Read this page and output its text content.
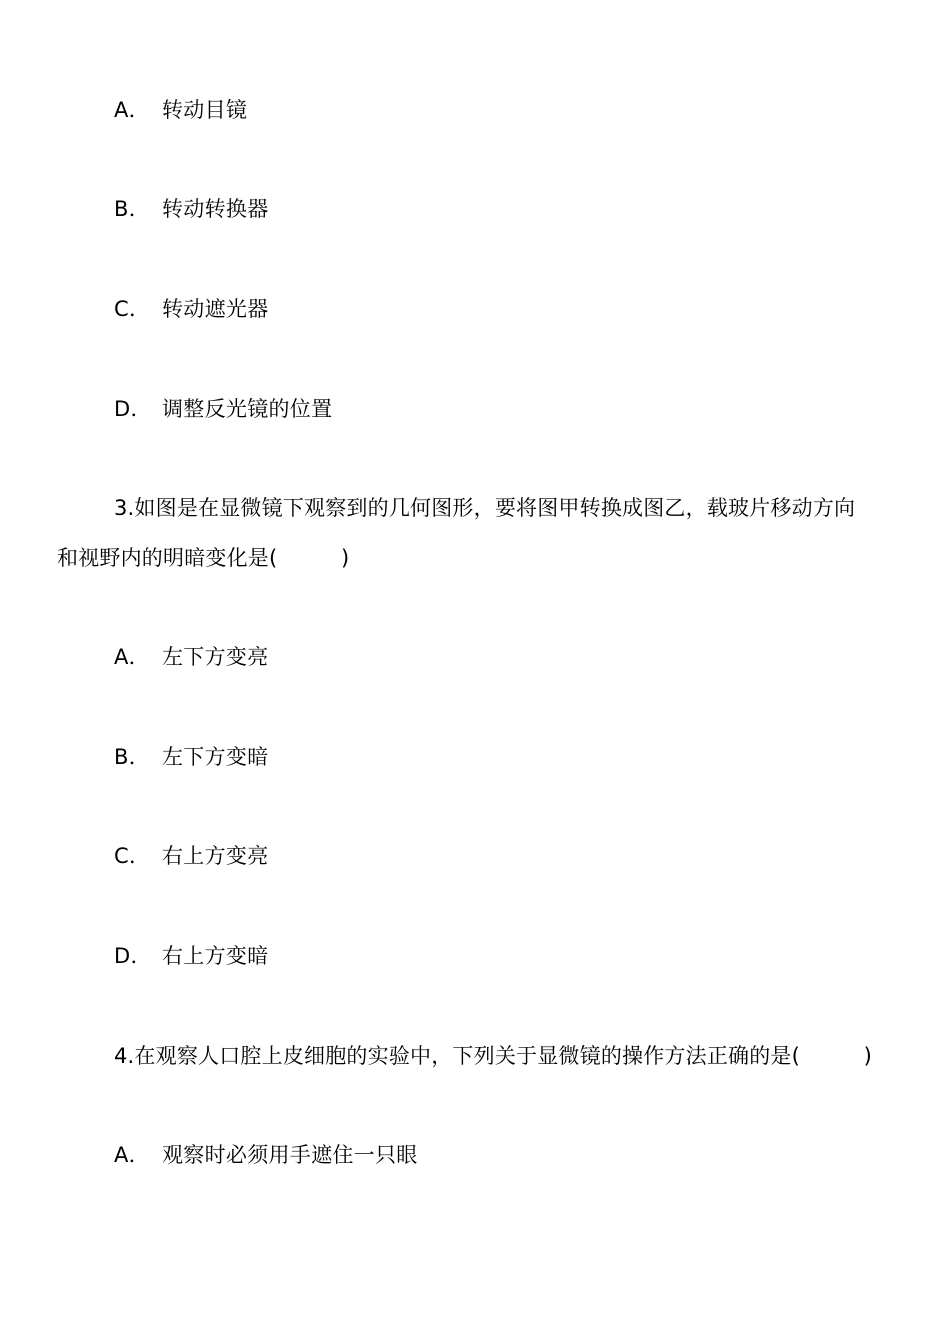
A． 转动目镜
B． 转动转换器
C． 转动遮光器
D． 调整反光镜的位置
3.如图是在显微镜下观察到的几何图形，要将图甲转换成图乙，载玻片移动方向
和视野内的明暗变化是(　　　)
A． 左下方变亮
B． 左下方变暗
C． 右上方变亮
D． 右上方变暗
4.在观察人口腔上皮细胞的实验中，下列关于显微镜的操作方法正确的是(　　　)
A． 观察时必须用手遮住一只眼
